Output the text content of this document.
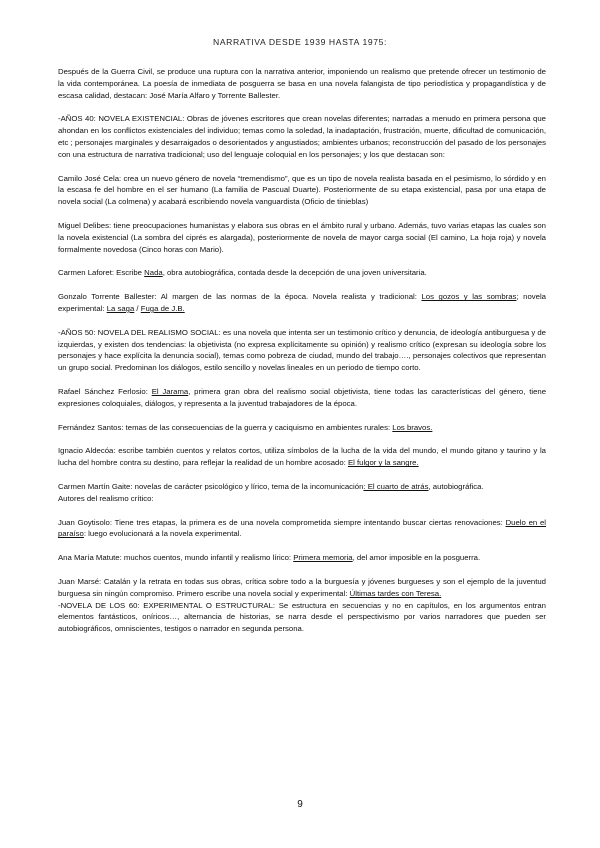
NARRATIVA DESDE 1939 HASTA 1975:

Después de la Guerra Civil, se produce una ruptura con la narrativa anterior, imponiendo un realismo que pretende ofrecer un testimonio de la vida contemporánea. La poesía de inmediata de posguerra se basa en una novela falangista de tipo periodística y propagandística y de escasa calidad, destacan: José María Alfaro y Torrente Ballester.

-AÑOS 40: NOVELA EXISTENCIAL: Obras de jóvenes escritores que crean novelas diferentes; narradas a menudo en primera persona que ahondan en los conflictos existenciales del individuo; temas como la soledad, la inadaptación, frustración, muerte, dificultad de comunicación, etc ; personajes marginales y desarraigados o desorientados y angustiados; ambientes urbanos; reconstrucción del pasado de los personajes con una estructura de narrativa tradicional; uso del lenguaje coloquial en los personajes; y los que destacan son:

Camilo José Cela: crea un nuevo género de novela “tremendismo”, que es un tipo de novela realista basada en el pesimismo, lo sórdido y en la escasa fe del hombre en el ser humano (La familia de Pascual Duarte). Posteriormente de su etapa existencial, pasa por una etapa de novela social (La colmena) y acabará escribiendo novela vanguardista (Oficio de tinieblas)

Miguel Delibes: tiene preocupaciones humanistas y elabora sus obras en el ámbito rural y urbano. Además, tuvo varias etapas las cuales son la novela existencial (La sombra del ciprés es alargada), posteriormente de novela de mayor carga social (El camino, La hoja roja) y novela formalmente novedosa (Cinco horas con Mario).

Carmen Laforet: Escribe Nada, obra autobiográfica, contada desde la decepción de una joven universitaria.

Gonzalo Torrente Ballester: Al margen de las normas de la época. Novela realista y tradicional: Los gozos y las sombras; novela experimental: La saga / Fuga de J.B.

-AÑOS 50: NOVELA DEL REALISMO SOCIAL: es una novela que intenta ser un testimonio crítico y denuncia, de ideología antiburguesa y de izquierdas, y existen dos tendencias: la objetivista (no expresa explícitamente su opinión) y realismo crítico (expresan su ideología sobre los personajes y hace explícita la denuncia social), temas como pobreza de ciudad, mundo del trabajo…., personajes colectivos que representan un grupo social. Predominan los diálogos, estilo sencillo y novelas lineales en un periodo de tiempo corto.

Rafael Sánchez Ferlosio: El Jarama, primera gran obra del realismo social objetivista, tiene todas las características del género, tiene expresiones coloquiales, diálogos, y representa a la juventud trabajadores de la época.

Fernández Santos: temas de las consecuencias de la guerra y caciquismo en ambientes rurales: Los bravos.

Ignacio Aldecóa: escribe también cuentos y relatos cortos, utiliza símbolos de la lucha de la vida del mundo, el mundo gitano y taurino y la lucha del hombre contra su destino, para reflejar la realidad de un hombre acosado: El fulgor y la sangre.

Carmen Martín Gaite: novelas de carácter psicológico y lírico, tema de la incomunicación: El cuarto de atrás, autobiográfica.

Autores del realismo crítico:

Juan Goytisolo: Tiene tres etapas, la primera es de una novela comprometida siempre intentando buscar ciertas renovaciones: Duelo en el paraíso: luego evolucionará a la novela experimental.

Ana María Matute: muchos cuentos, mundo infantil y realismo lírico: Primera memoria, del amor imposible en la posguerra.

Juan Marsé: Catalán y la retrata en todas sus obras, crítica sobre todo a la burguesía y jóvenes burgueses y son el ejemplo de la juventud burguesa sin ningún compromiso. Primero escribe una novela social y experimental: Últimas tardes con Teresa.

-NOVELA DE LOS 60: EXPERIMENTAL O ESTRUCTURAL: Se estructura en secuencias y no en capítulos, en los argumentos entran elementos fantásticos, oníricos…, alternancia de historias, se narra desde el perspectivismo por varios narradores que pueden ser autobiográficos, omniscientes, testigos o narrador en segunda persona.

9
